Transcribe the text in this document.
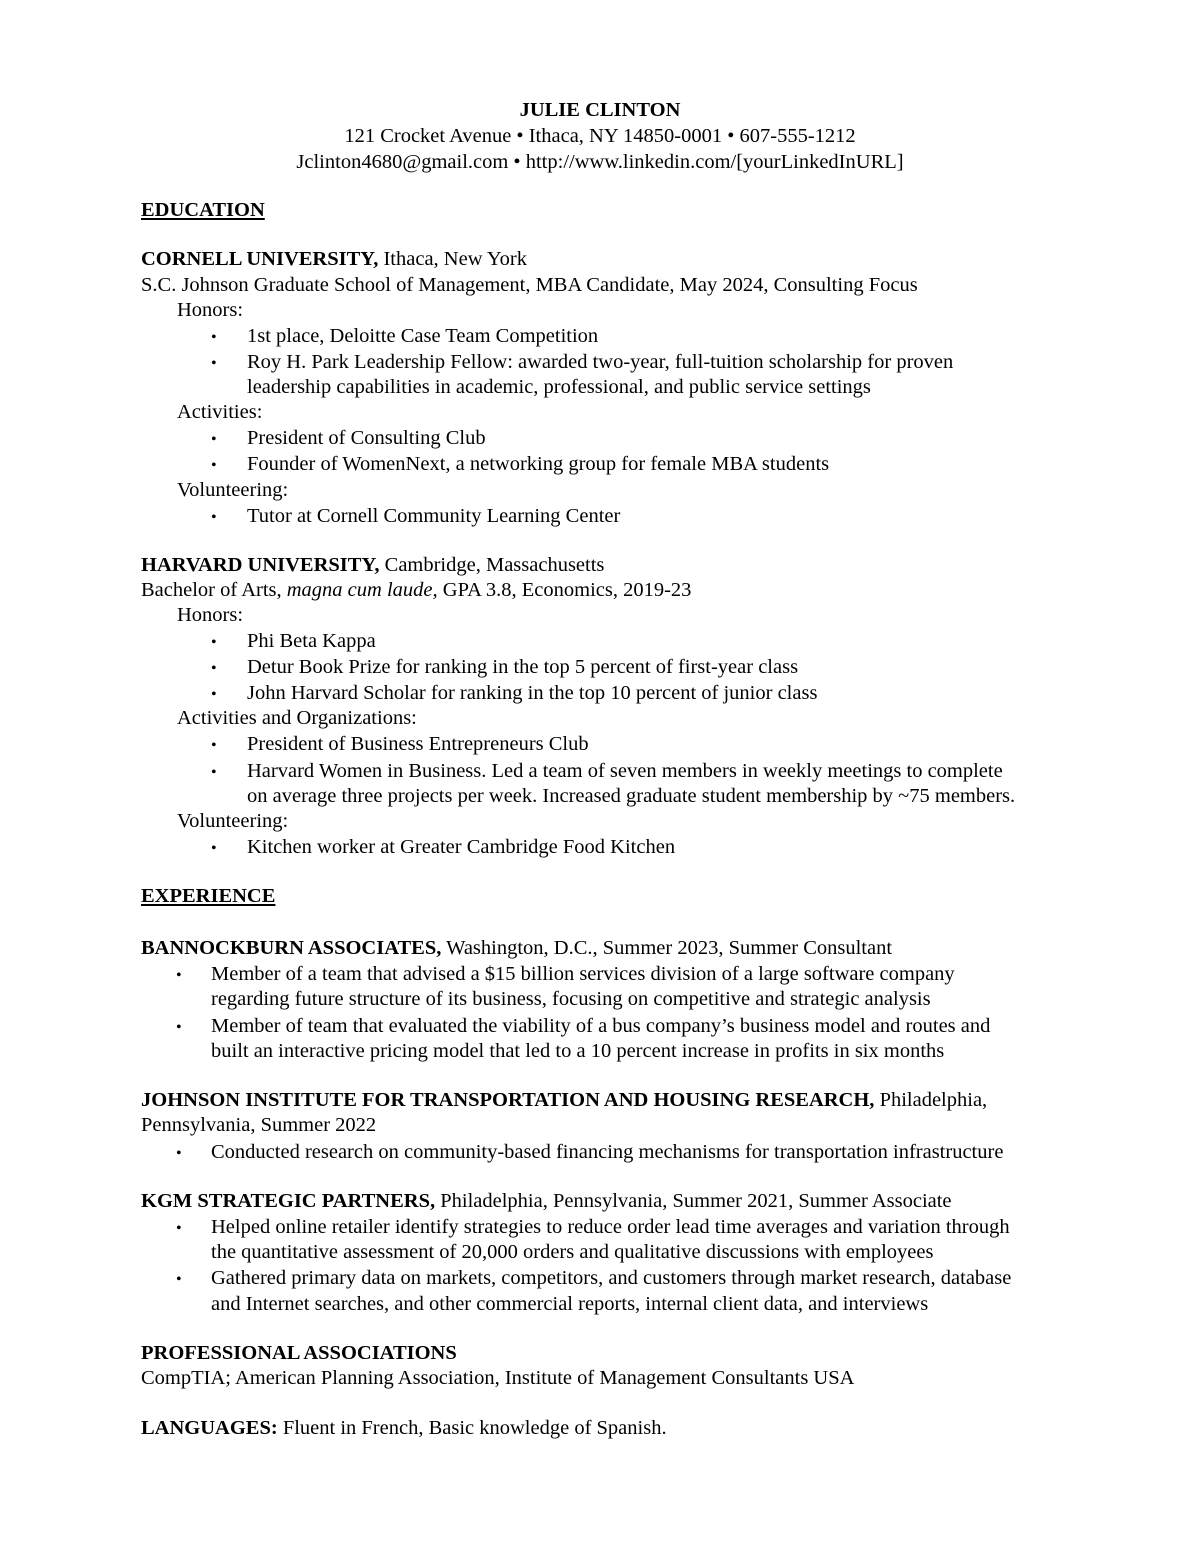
JULIE CLINTON
121 Crocket Avenue • Ithaca, NY 14850-0001 • 607-555-1212
Jclinton4680@gmail.com • http://www.linkedin.com/[yourLinkedInURL]
EDUCATION
CORNELL UNIVERSITY, Ithaca, New York
S.C. Johnson Graduate School of Management, MBA Candidate, May 2024, Consulting Focus
Honors:
• 1st place, Deloitte Case Team Competition
• Roy H. Park Leadership Fellow: awarded two-year, full-tuition scholarship for proven
leadership capabilities in academic, professional, and public service settings
Activities:
• President of Consulting Club
• Founder of WomenNext, a networking group for female MBA students
Volunteering:
• Tutor at Cornell Community Learning Center
HARVARD UNIVERSITY, Cambridge, Massachusetts
Bachelor of Arts, magna cum laude, GPA 3.8, Economics, 2019-23
Honors:
• Phi Beta Kappa
• Detur Book Prize for ranking in the top 5 percent of first-year class
• John Harvard Scholar for ranking in the top 10 percent of junior class
Activities and Organizations:
• President of Business Entrepreneurs Club
• Harvard Women in Business. Led a team of seven members in weekly meetings to complete
on average three projects per week. Increased graduate student membership by ~75 members.
Volunteering:
• Kitchen worker at Greater Cambridge Food Kitchen
EXPERIENCE
BANNOCKBURN ASSOCIATES, Washington, D.C., Summer 2023, Summer Consultant
• Member of a team that advised a $15 billion services division of a large software company
regarding future structure of its business, focusing on competitive and strategic analysis
• Member of team that evaluated the viability of a bus company’s business model and routes and
built an interactive pricing model that led to a 10 percent increase in profits in six months
JOHNSON INSTITUTE FOR TRANSPORTATION AND HOUSING RESEARCH, Philadelphia,
Pennsylvania, Summer 2022
• Conducted research on community-based financing mechanisms for transportation infrastructure
KGM STRATEGIC PARTNERS, Philadelphia, Pennsylvania, Summer 2021, Summer Associate
• Helped online retailer identify strategies to reduce order lead time averages and variation through
the quantitative assessment of 20,000 orders and qualitative discussions with employees
• Gathered primary data on markets, competitors, and customers through market research, database
and Internet searches, and other commercial reports, internal client data, and interviews
PROFESSIONAL ASSOCIATIONS
CompTIA; American Planning Association, Institute of Management Consultants USA
LANGUAGES: Fluent in French, Basic knowledge of Spanish.
